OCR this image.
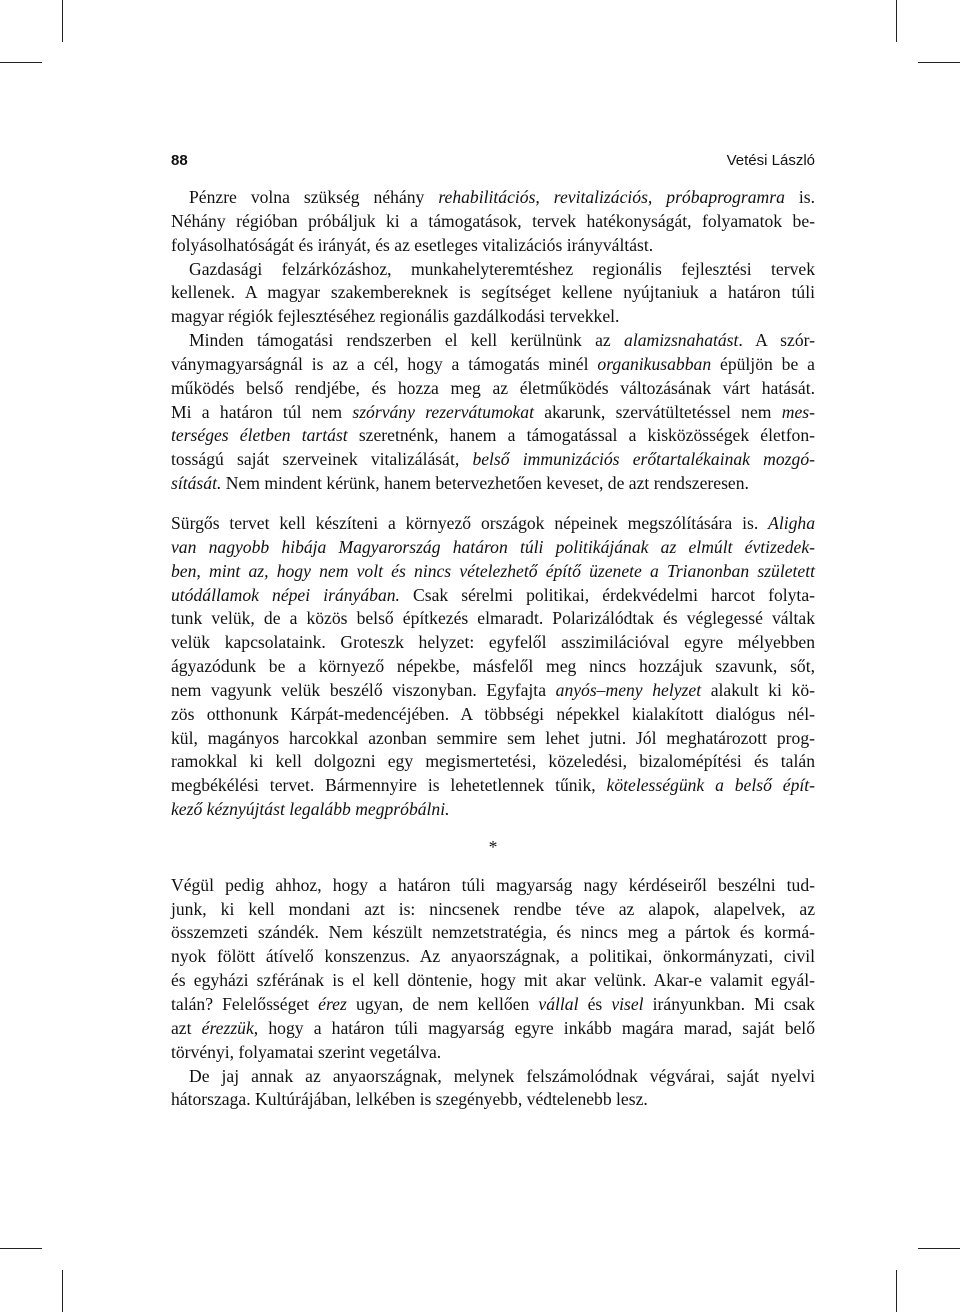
88	Vetési László
Pénzre volna szükség néhány rehabilitációs, revitalizációs, próbaprogramra is.
Néhány régióban próbáljuk ki a támogatások, tervek hatékonyságát, folyamatok be-
folyásolhatóságát és irányát, és az esetleges vitalizációs irányváltást.
Gazdasági felzárkózáshoz, munkahelyteremtéshez regionális fejlesztési tervek
kellenek. A magyar szakembereknek is segítséget kellene nyújtaniuk a határon túli
magyar régiók fejlesztéséhez regionális gazdálkodási tervekkel.
Minden támogatási rendszerben el kell kerülnünk az alamizsnahatást. A szór-
ványmagyarságnál is az a cél, hogy a támogatás minél organikusabban épüljön be a
működés belső rendjébe, és hozza meg az életműködés változásának várt hatását.
Mi a határon túl nem szórvány rezervátumokat akarunk, szervátültetéssel nem mes-
terséges életben tartást szeretnénk, hanem a támogatással a kisközösségek életfon-
tosságú saját szerveinek vitalizálását, belső immunizációs erőtartalékainak mozgó-
sítását. Nem mindent kérünk, hanem betervezhetően keveset, de azt rendszeresen.
Sürgős tervet kell készíteni a környező országok népeinek megszólítására is. Aligha
van nagyobb hibája Magyarország határon túli politikájának az elmúlt évtizedek-
ben, mint az, hogy nem volt és nincs vételezhető építő üzenete a Trianonban született
utódállamok népei irányában. Csak sérelmi politikai, érdekvédelmi harcot folyta-
tunk velük, de a közös belső építkezés elmaradt. Polarizálódtak és véglegessé váltak
velük kapcsolataink. Groteszk helyzet: egyfelől asszimilációval egyre mélyebben
ágyazódunk be a környező népekbe, másfelől meg nincs hozzájuk szavunk, sőt,
nem vagyunk velük beszélő viszonyban. Egyfajta anyós–meny helyzet alakult ki kö-
zös otthonunk Kárpát-medencéjében. A többségi népekkel kialakított dialógus nél-
kül, magányos harcokkal azonban semmire sem lehet jutni. Jól meghatározott prog-
ramokkal ki kell dolgozni egy megismertetési, közeledési, bizalomépítési és talán
megbékélési tervet. Bármennyire is lehetetlennek tűnik, kötelességünk a belső épít-
kező kéznyújtást legalább megpróbálni.
*
Végül pedig ahhoz, hogy a határon túli magyarság nagy kérdéseiről beszélni tud-
junk, ki kell mondani azt is: nincsenek rendbe téve az alapok, alapelvek, az
összemzeti szándék. Nem készült nemzetstratégia, és nincs meg a pártok és kormá-
nyok fölött átívelő konszenzus. Az anyaországnak, a politikai, önkormányzati, civil
és egyházi szférának is el kell döntenie, hogy mit akar velünk. Akar-e valamit egyál-
talán? Felelősséget érez ugyan, de nem kellően vállal és visel irányunkban. Mi csak
azt érezzük, hogy a határon túli magyarság egyre inkább magára marad, saját belő
törvényi, folyamatai szerint vegetálva.
De jaj annak az anyaországnak, melynek felszámolódnak végvárai, saját nyelvi
hátorszaga. Kultúrájában, lelkében is szegényebb, védtelenebb lesz.
